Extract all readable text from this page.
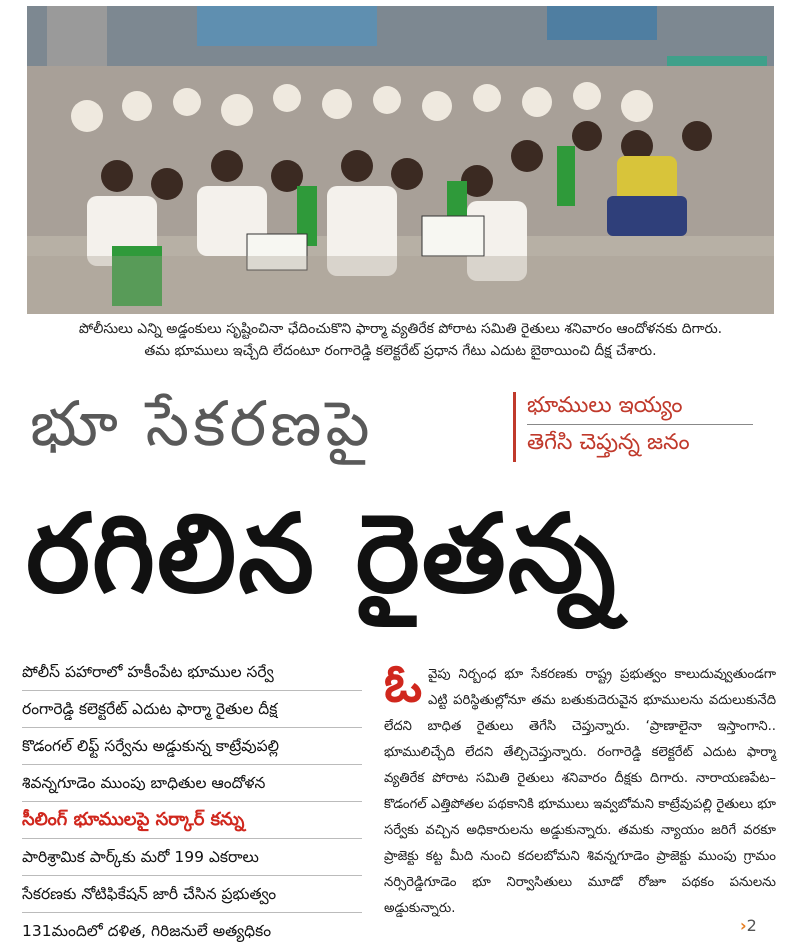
పోలీసులు ఎన్ని అడ్డంకులు సృష్టించినా ఛేదించుకొని ఫార్మా వ్యతిరేక పోరాట సమితి రైతులు శనివారం ఆందోళనకు దిగారు.
తమ భూములు ఇచ్చేది లేదంటూ రంగారెడ్డి కలెక్టరేట్ ప్రధాన గేటు ఎదుట బైఠాయించి దీక్ష చేశారు.
భూ సేకరణపై	భూములు ఇయ్యం
తెగేసి చెప్తున్న జనం
రగిలిన రైతన్న
పోలీస్ పహారాలో హకీంపేట భూముల సర్వే
రంగారెడ్డి కలెక్టరేట్ ఎదుట ఫార్మా రైతుల దీక్ష
కొడంగల్ లిఫ్ట్ సర్వేను అడ్డుకున్న కాట్రేవుపల్లి
శివన్నగూడెం ముంపు బాధితుల ఆందోళన
సీలింగ్ భూములపై సర్కార్ కన్ను
పారిశ్రామిక పార్క్‌కు మరో 199 ఎకరాలు
సేకరణకు నోటిఫికేషన్ జారీ చేసిన ప్రభుత్వం
131మందిలో దళిత, గిరిజనులే అత్యధికం
ఓ వైపు నిర్బంధ భూ సేకరణకు రాష్ట్ర ప్రభుత్వం కాలుదువ్వుతుండగా ఎట్టి పరిస్థితుల్లోనూ తమ బతుకుదెరువైన భూములను వదులుకునేది లేదని బాధిత రైతులు తెగేసి చెప్తున్నారు. ‘ప్రాణాలైనా ఇస్తాంగాని.. భూములిచ్చేది లేదని తేల్చిచెప్తున్నారు. రంగారెడ్డి కలెక్టరేట్ ఎదుట ఫార్మా వ్యతిరేక పోరాట సమితి రైతులు శనివారం దీక్షకు దిగారు. నారాయణపేట–కొడంగల్ ఎత్తిపోతల పథకానికి భూములు ఇవ్వబోమని కాట్రేవుపల్లి రైతులు భూ సర్వేకు వచ్చిన అధికారులను అడ్డుకున్నారు. తమకు న్యాయం జరిగే వరకూ ప్రాజెక్టు కట్ట మీది నుంచి కదలబోమని శివన్నగూడెం ప్రాజెక్టు ముంపు గ్రామం నర్సిరెడ్డిగూడెం భూ నిర్వాసితులు మూడో రోజూ పథకం పనులను అడ్డుకున్నారు.
›2
